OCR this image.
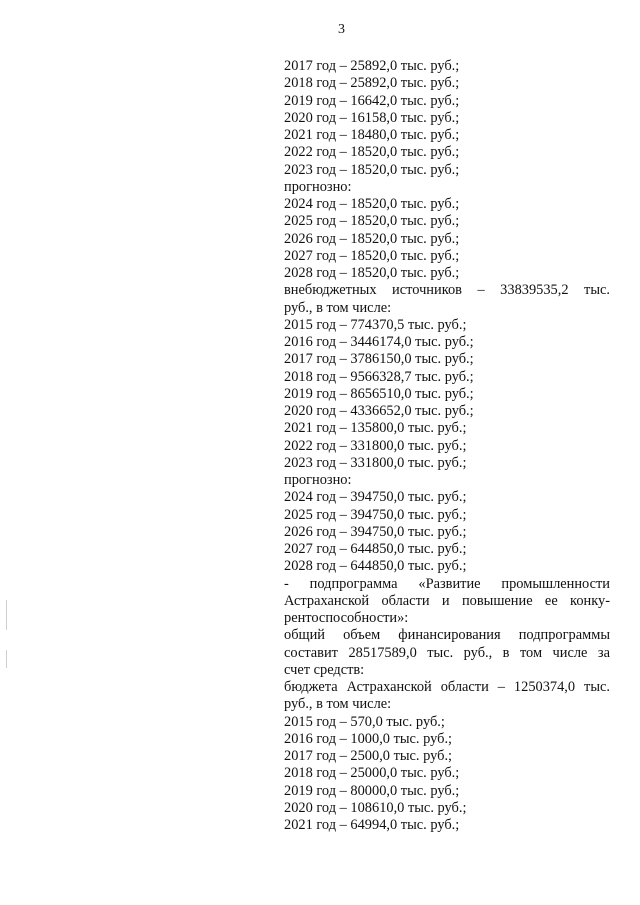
3
2017 год – 25892,0 тыс. руб.;
2018 год – 25892,0 тыс. руб.;
2019 год – 16642,0 тыс. руб.;
2020 год – 16158,0 тыс. руб.;
2021 год – 18480,0 тыс. руб.;
2022 год – 18520,0 тыс. руб.;
2023 год – 18520,0 тыс. руб.;
прогнозно:
2024 год – 18520,0 тыс. руб.;
2025 год – 18520,0 тыс. руб.;
2026 год – 18520,0 тыс. руб.;
2027 год – 18520,0 тыс. руб.;
2028 год – 18520,0 тыс. руб.;
внебюджетных источников – 33839535,2 тыс.
руб., в том числе:
2015 год – 774370,5 тыс. руб.;
2016 год – 3446174,0 тыс. руб.;
2017 год – 3786150,0 тыс. руб.;
2018 год – 9566328,7 тыс. руб.;
2019 год – 8656510,0 тыс. руб.;
2020 год – 4336652,0 тыс. руб.;
2021 год – 135800,0 тыс. руб.;
2022 год – 331800,0 тыс. руб.;
2023 год – 331800,0 тыс. руб.;
прогнозно:
2024 год – 394750,0 тыс. руб.;
2025 год – 394750,0 тыс. руб.;
2026 год – 394750,0 тыс. руб.;
2027 год – 644850,0 тыс. руб.;
2028 год – 644850,0 тыс. руб.;
- подпрограмма «Развитие промышленности
Астраханской области и повышение ее конку-
рентоспособности»:
общий объем финансирования подпрограммы
составит 28517589,0 тыс. руб., в том числе за
счет средств:
бюджета Астраханской области – 1250374,0 тыс.
руб., в том числе:
2015 год – 570,0 тыс. руб.;
2016 год – 1000,0 тыс. руб.;
2017 год – 2500,0 тыс. руб.;
2018 год – 25000,0 тыс. руб.;
2019 год – 80000,0 тыс. руб.;
2020 год – 108610,0 тыс. руб.;
2021 год – 64994,0 тыс. руб.;
